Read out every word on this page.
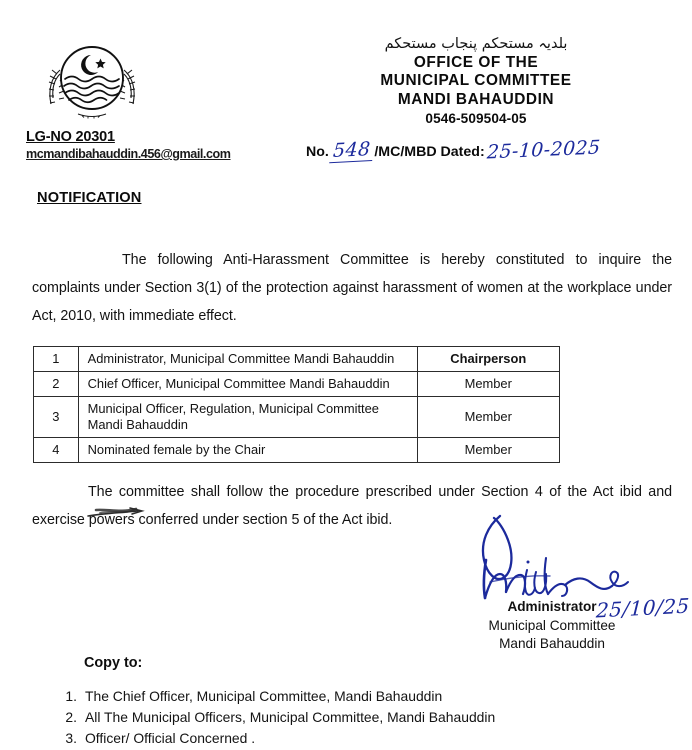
LG-NO 20301
mcmandibahauddin.456@gmail.com
بلدیہ مستحکم پنجاب مستحکم
OFFICE OF THE
MUNICIPAL COMMITTEE
MANDI BAHAUDDIN
0546-509504-05
No. 548 /MC/MBD Dated:25-10-2025
NOTIFICATION
The following Anti-Harassment Committee is hereby constituted to inquire the complaints under Section 3(1) of the protection against harassment of women at the workplace under Act, 2010, with immediate effect.
1	Administrator, Municipal Committee Mandi Bahauddin	Chairperson
2	Chief Officer, Municipal Committee Mandi Bahauddin	Member
3	Municipal Officer, Regulation, Municipal Committee Mandi Bahauddin	Member
4	Nominated female by the Chair	Member
The committee shall follow the procedure prescribed under Section 4 of the Act ibid and exercise powers conferred under section 5 of the Act ibid.
Administrator
Municipal Committee
Mandi Bahauddin
25/10/25
Copy to:
1. The Chief Officer, Municipal Committee, Mandi Bahauddin
2. All The Municipal Officers, Municipal Committee, Mandi Bahauddin
3. Officer/ Official Concerned .
